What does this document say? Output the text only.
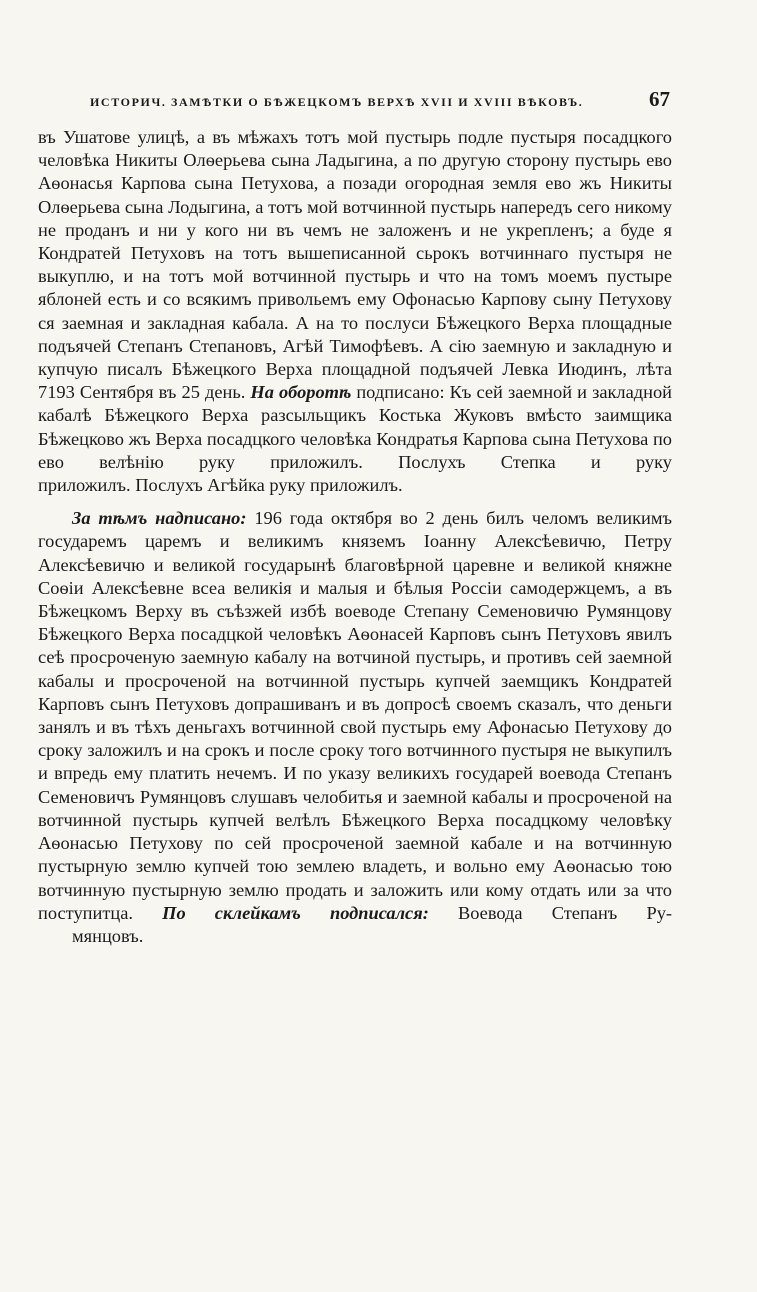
ИСТОРИЧ. ЗАМѢТКИ О БѢЖЕЦКОМЪ ВЕРХѢ XVII И XVIII ВѢКОВЪ.	67

въ Ушатове улицѣ, а въ мѣжахъ тотъ мой пустырь подле пустыря посадцкого человѣка Никиты Олѳерьева сына Ладыгина, а по другую сторону пустырь ево Аѳонасья Карпова сына Петухова, а позади огородная земля ево жъ Никиты Олѳерьева сына Лодыгина, а тотъ мой вотчинной пустырь напередъ сего никому не проданъ и ни у кого ни въ чемъ не заложенъ и не укрепленъ; а буде я Кондратей Петуховъ на тотъ вышеписанной сьрокъ вотчиннаго пустыря не выкуплю, и на тотъ мой вотчинной пустырь и что на томъ моемъ пустыре яблоней есть и со всякимъ привольемъ ему Офонасью Карпову сыну Петухову ся заемная и закладная кабала. А на то послуси Бѣжецкого Верха площадные подъячей Степанъ Степановъ, Агѣй Тимофѣевъ. А сію заемную и закладную и купчую писалъ Бѣжецкого Верха площадной подъячей Левка Июдинъ, лѣта 7193 Сентября въ 25 день. На оборотѣ подписано: Къ сей заемной и закладной кабалѣ Бѣжецкого Верха разсыльщикъ Костька Жуковъ вмѣсто заимщика Бѣжецково жъ Верха посадцкого человѣка Кондратья Карпова сына Петухова по ево велѣнію руку приложилъ. Послухъ Степка и руку
приложилъ. Послухъ Агѣйка руку приложилъ.

За тѣмъ надписано: 196 года октября во 2 день билъ челомъ великимъ государемъ царемъ и великимъ княземъ Іоанну Алексѣевичю, Петру Алексѣевичю и великой государынѣ благовѣрной царевне и великой княжне Соѳіи Алексѣевне всеа великія и малыя и бѣлыя Россіи самодержцемъ, а въ Бѣжецкомъ Верху въ съѣзжей избѣ воеводе Степану Семеновичю Румянцову Бѣжецкого Верха посадцкой человѣкъ Аѳонасей Карповъ сынъ Петуховъ явилъ сеѣ просроченую заемную кабалу на вотчиной пустырь, и противъ сей заемной кабалы и просроченой на вотчинной пустырь купчей заемщикъ Кондратей Карповъ сынъ Петуховъ допрашиванъ и въ допросѣ своемъ сказалъ, что деньги занялъ и въ тѣхъ деньгахъ вотчинной свой пустырь ему Афонасью Петухову до сроку заложилъ и на срокъ и после сроку того вотчинного пустыря не выкупилъ и впредь ему платить нечемъ. И по указу великихъ государей воевода Степанъ Семеновичъ Румянцовъ слушавъ челобитья и заемной кабалы и просроченой на вотчинной пустырь купчей велѣлъ Бѣжецкого Верха посадцкому человѣку Аѳонасью Петухову по сей просроченой заемной кабале и на вотчинную пустырную землю купчей тою землею владеть, и вольно ему Аѳонасью тою вотчинную пустырную землю продать и заложить или кому отдать или за что поступитца. По склейкамъ подписался: Воевода Степанъ Ру-
мянцовъ.
